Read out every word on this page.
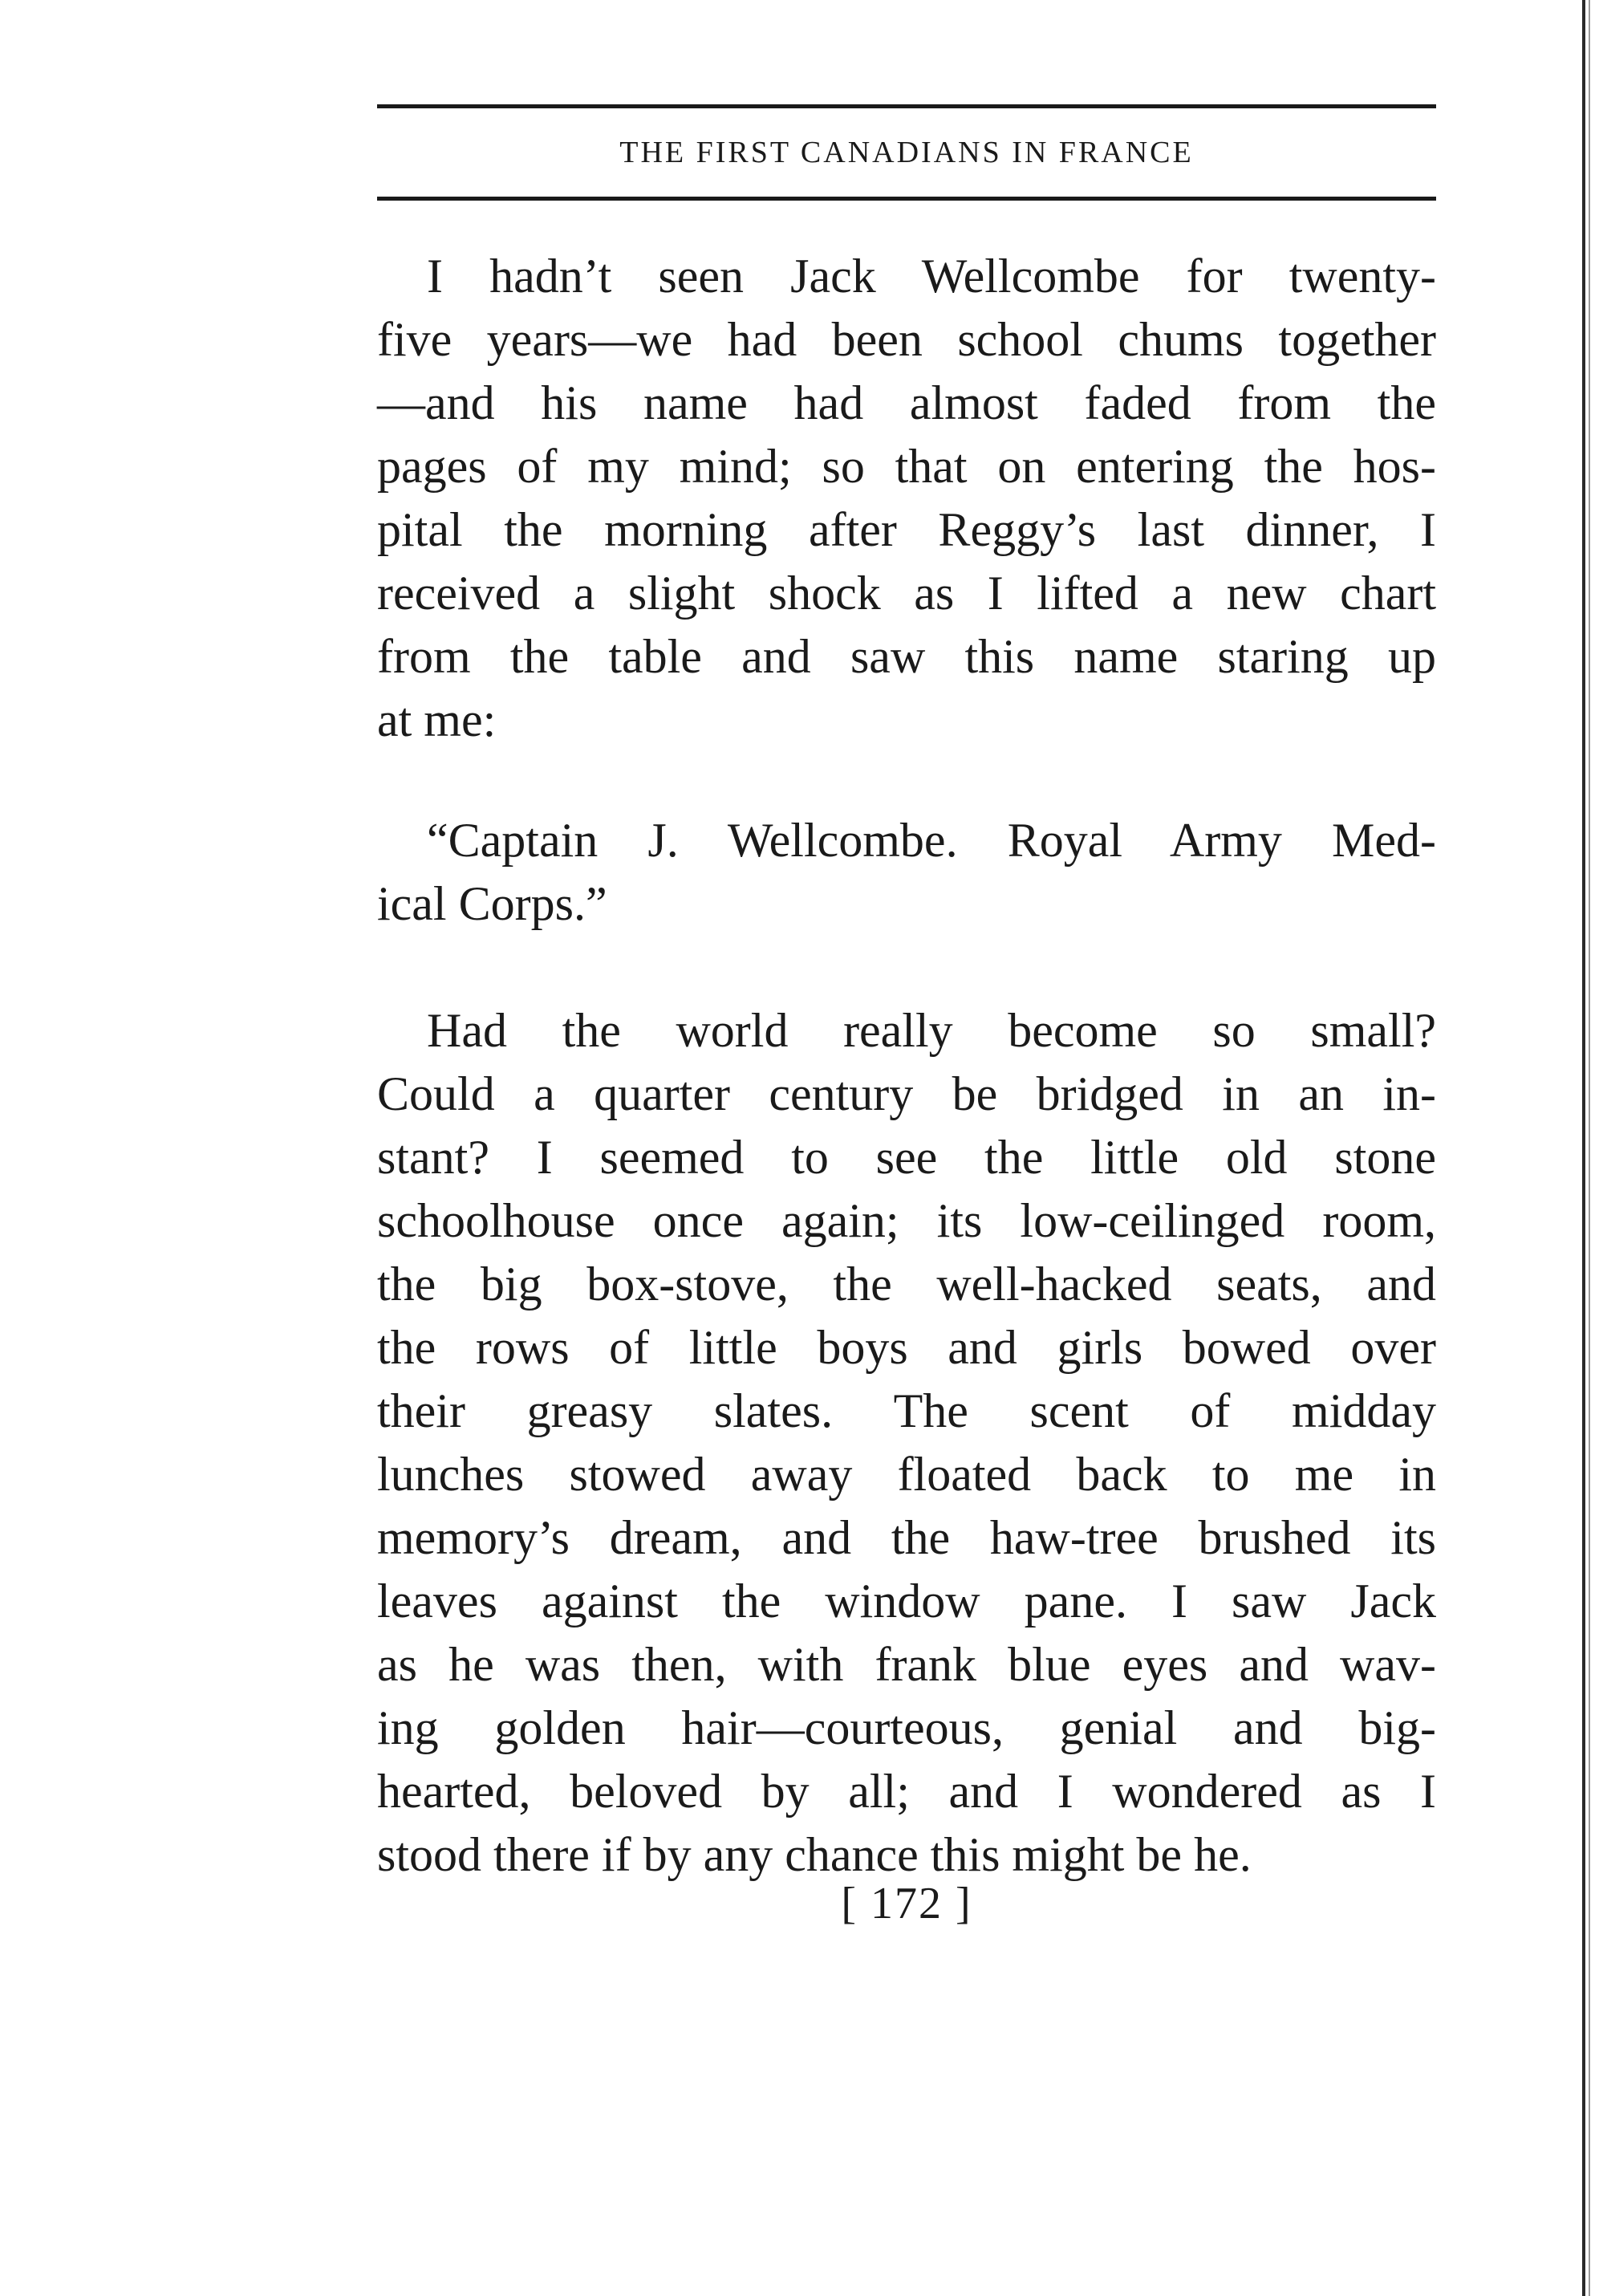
THE FIRST CANADIANS IN FRANCE
I hadn’t seen Jack Wellcombe for twenty-
five years—we had been school chums together
—and his name had almost faded from the
pages of my mind; so that on entering the hos-
pital the morning after Reggy’s last dinner, I
received a slight shock as I lifted a new chart
from the table and saw this name staring up
at me:
“Captain J. Wellcombe. Royal Army Med-
ical Corps.”
Had the world really become so small?
Could a quarter century be bridged in an in-
stant? I seemed to see the little old stone
schoolhouse once again; its low-ceilinged room,
the big box-stove, the well-hacked seats, and
the rows of little boys and girls bowed over
their greasy slates. The scent of midday
lunches stowed away floated back to me in
memory’s dream, and the haw-tree brushed its
leaves against the window pane. I saw Jack
as he was then, with frank blue eyes and wav-
ing golden hair—courteous, genial and big-
hearted, beloved by all; and I wondered as I
stood there if by any chance this might be he.
[ 172 ]
